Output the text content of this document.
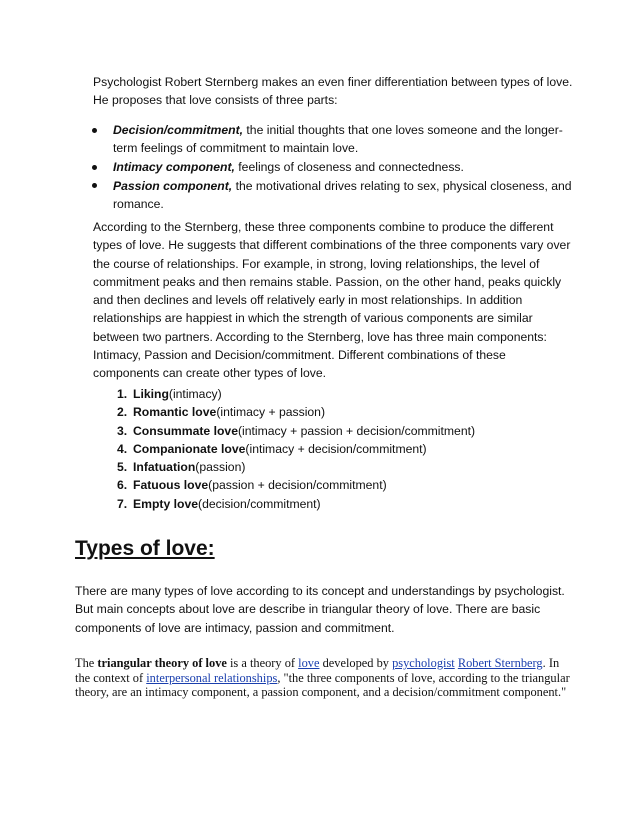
Psychologist Robert Sternberg makes an even finer differentiation between types of love.

He proposes that love consists of three parts:

Decision/commitment, the initial thoughts that one loves someone and the longer-term feelings of commitment to maintain love.
Intimacy component, feelings of closeness and connectedness.
Passion component, the motivational drives relating to sex, physical closeness, and romance.

According to the Sternberg, these three components combine to produce the different types of love. He suggests that different combinations of the three components vary over the course of relationships. For example, in strong, loving relationships, the level of commitment peaks and then remains stable. Passion, on the other hand, peaks quickly and then declines and levels off relatively early in most relationships. In addition relationships are happiest in which the strength of various components are similar between two partners. According to the Sternberg, love has three main components: Intimacy, Passion and Decision/commitment. Different combinations of these components can create other types of love.

1. Liking(intimacy)
2. Romantic love(intimacy + passion)
3. Consummate love(intimacy + passion + decision/commitment)
4. Companionate love(intimacy + decision/commitment)
5. Infatuation(passion)
6. Fatuous love(passion + decision/commitment)
7. Empty love(decision/commitment)
Types of love:

There are many types of love according to its concept and understandings by psychologist. But main concepts about love are describe in triangular theory of love. There are basic components of love are intimacy, passion and commitment.

The triangular theory of love is a theory of love developed by psychologist Robert Sternberg. In the context of interpersonal relationships, "the three components of love, according to the triangular theory, are an intimacy component, a passion component, and a decision/commitment component."
